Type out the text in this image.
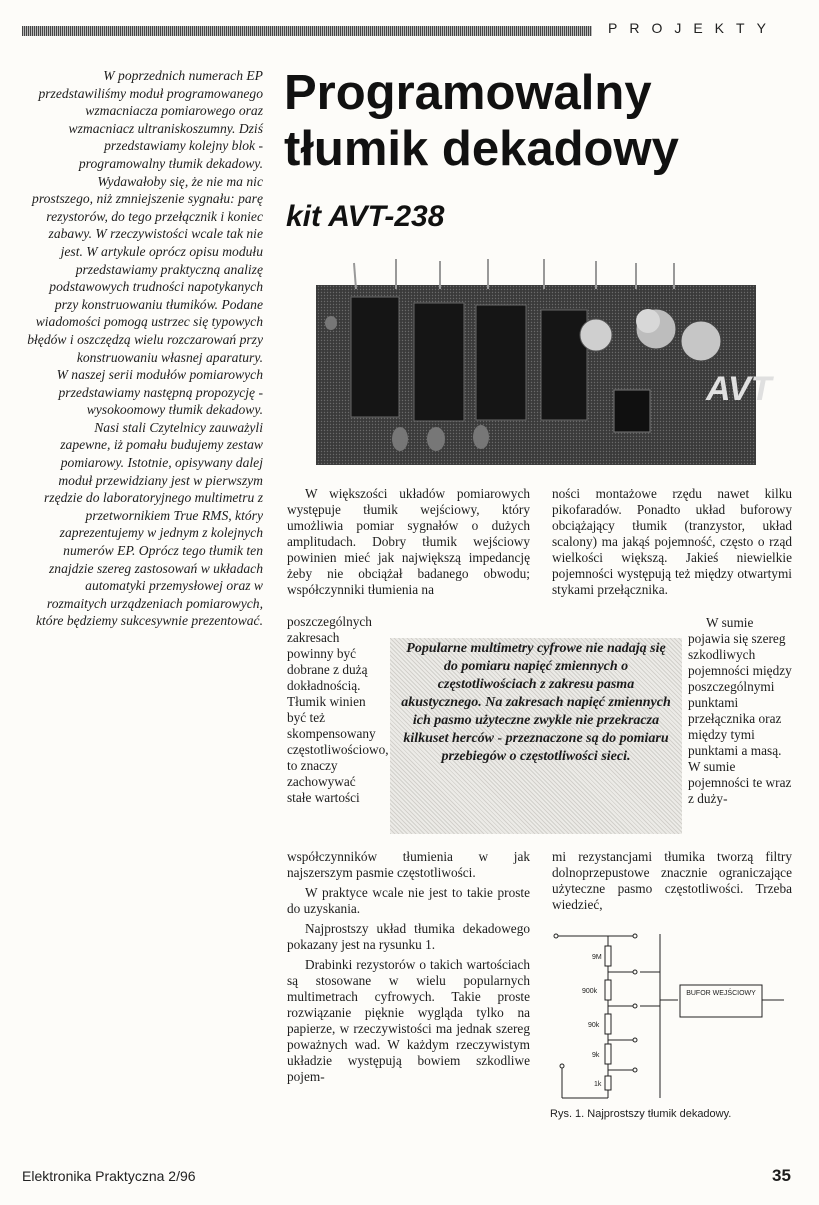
PROJEKTY

W poprzednich numerach EP przedstawiliśmy moduł programowanego wzmacniacza pomiarowego oraz wzmacniacz ultraniskoszumny. Dziś przedstawiamy kolejny blok - programowalny tłumik dekadowy.

Wydawałoby się, że nie ma nic prostszego, niż zmniejszenie sygnału: parę rezystorów, do tego przełącznik i koniec zabawy. W rzeczywistości wcale tak nie jest. W artykule oprócz opisu modułu przedstawiamy praktyczną analizę podstawowych trudności napotykanych przy konstruowaniu tłumików. Podane wiadomości pomogą ustrzec się typowych błędów i oszczędzą wielu rozczarowań przy konstruowaniu własnej aparatury.

W naszej serii modułów pomiarowych przedstawiamy następną propozycję - wysokoomowy tłumik dekadowy.

Nasi stali Czytelnicy zauważyli zapewne, iż pomału budujemy zestaw pomiarowy. Istotnie, opisywany dalej moduł przewidziany jest w pierwszym rzędzie do laboratoryjnego multimetru z przetwornikiem True RMS, który zaprezentujemy w jednym z kolejnych numerów EP. Oprócz tego tłumik ten znajdzie szereg zastosowań w układach automatyki przemysłowej oraz w rozmaitych urządzeniach pomiarowych, które będziemy sukcesywnie prezentować.

Programowalny
tłumik dekadowy
kit AVT-238
AVT

W większości układów pomiarowych występuje tłumik wejściowy, który umożliwia pomiar sygnałów o dużych amplitudach. Dobry tłumik wejściowy powinien mieć jak największą impedancję żeby nie obciążał badanego obwodu; współczynniki tłumienia na

poszczególnych zakresach powinny być dobrane z dużą dokładnością. Tłumik winien być też skompensowany częstotliwościowo, to znaczy zachowywać stałe wartości

współczynników tłumienia w jak najszerszym pasmie częstotliwości.

W praktyce wcale nie jest to takie proste do uzyskania.

Najprostszy układ tłumika dekadowego pokazany jest na rysunku 1.

Drabinki rezystorów o takich wartościach są stosowane w wielu popularnych multimetrach cyfrowych. Takie proste rozwiązanie pięknie wygląda tylko na papierze, w rzeczywistości ma jednak szereg poważnych wad. W każdym rzeczywistym układzie występują bowiem szkodliwe pojem-

ności montażowe rzędu nawet kilku pikofaradów. Ponadto układ buforowy obciążający tłumik (tranzystor, układ scalony) ma jakąś pojemność, często o rząd wielkości większą. Jakieś niewielkie pojemności występują też między otwartymi stykami przełącznika.

W sumie pojawia się szereg szkodliwych pojemności między poszczególnymi punktami przełącznika oraz między tymi punktami a masą. W sumie pojemności te wraz z duży-

mi rezystancjami tłumika tworzą filtry dolnoprzepustowe znacznie ograniczające użyteczne pasmo częstotliwości. Trzeba wiedzieć,

Popularne multimetry cyfrowe nie nadają się do pomiaru napięć zmiennych o częstotliwościach z zakresu pasma akustycznego. Na zakresach napięć zmiennych ich pasmo użyteczne zwykle nie przekracza kilkuset herców - przeznaczone są do pomiaru przebiegów o częstotliwości sieci.
9M
900k
90k
9k
1k
BUFOR WEJŚCIOWY
Rys. 1. Najprostszy tłumik dekadowy.
Elektronika Praktyczna 2/96	35
